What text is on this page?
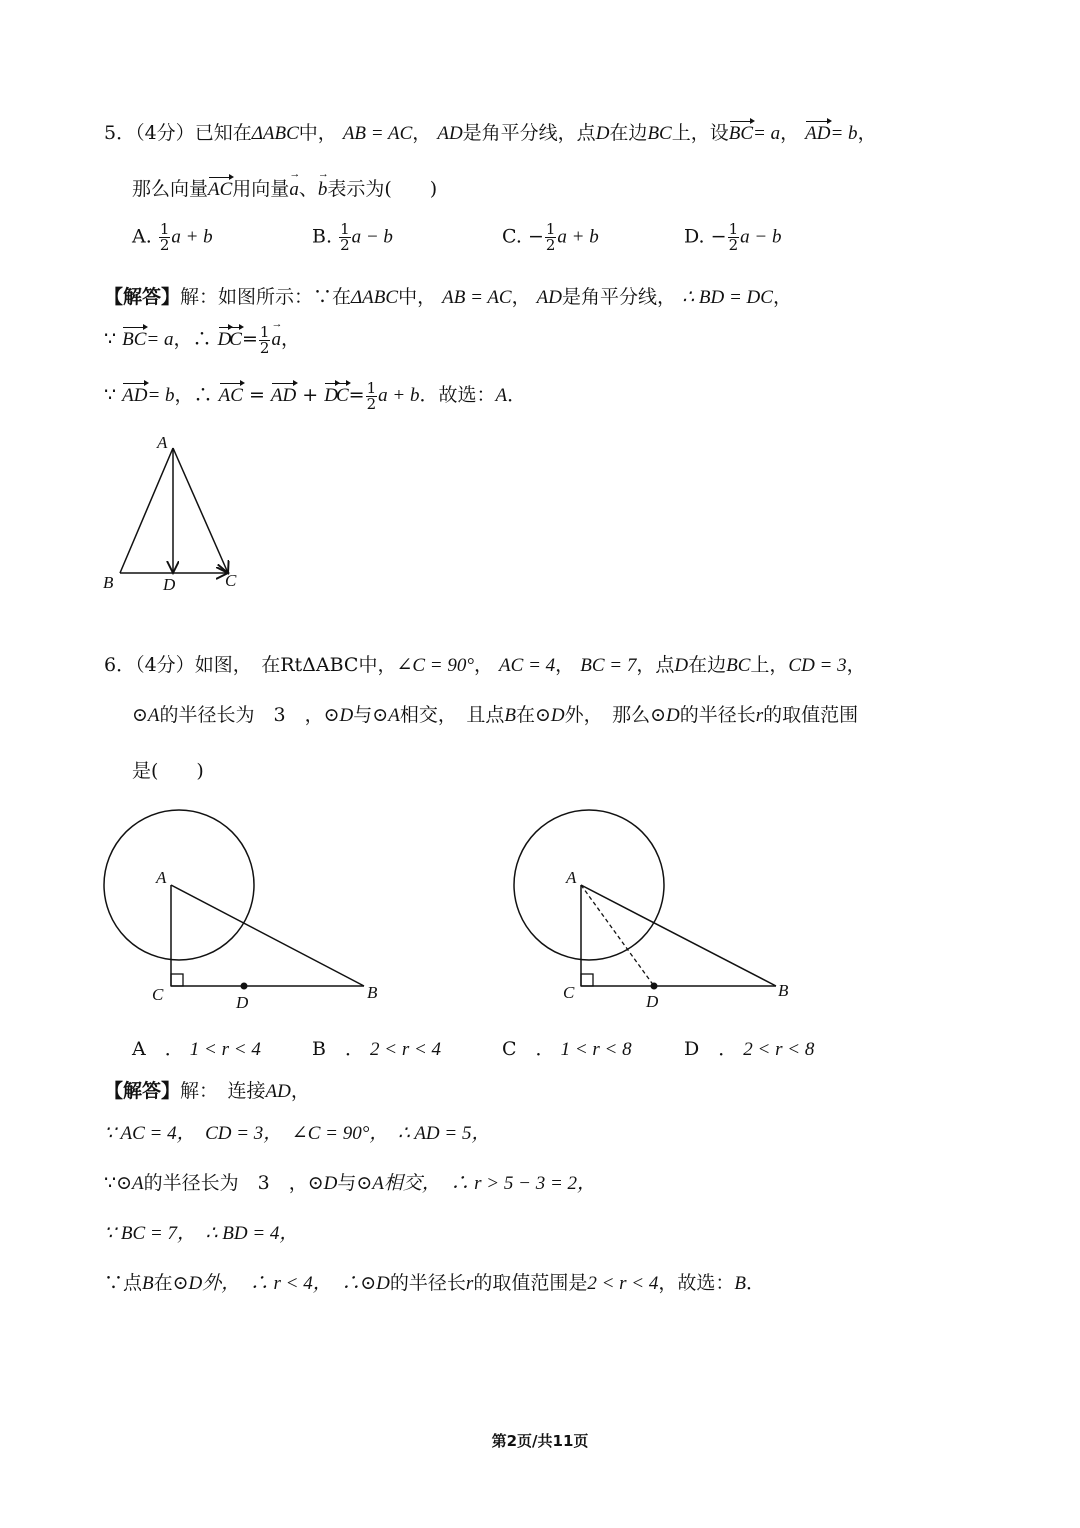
5．（4分）已知在ΔABC中， AB = AC， AD是角平分线，点D在边BC上，设BC= a， AD= b，
那么向量AC用向量a →、b →表示为(　　)
A. $\frac{1}{2}$ a + b	B. $\frac{1}{2}$ a − b	C. − $\frac{1}{2}$ a + b	D. − $\frac{1}{2}$ a − b
【解答】解：如图所示：∵在ΔABC中， AB = AC， AD是角平分线， ∴ BD = DC，
∵ BC= a，∴ $DC= \frac{1}{2}$ a →，
∵ AD= b，∴ AC = AD + $DC= \frac{1}{2}$ a + b．故选：A．
A
B	D	C
6．（4分）如图，　在RtΔABC中，∠C = 90°， AC = 4， BC = 7，点D在边BC上，CD = 3，
⊙A的半径长为　3　，⊙D与⊙A相交，　且点B在⊙D外，　那么⊙D的半径长r的取值范围
是(　　)
A
C	D
B
A
C	D
B
A　． 1 < r < 4	B　． 2 < r < 4	C　． 1 < r < 8	D　． 2 < r < 8
【解答】解：　连接AD，
∵ AC = 4，　CD = 3，　∠C = 90°，　∴ AD = 5，
∵⊙A的半径长为　3　，⊙D与⊙A相交，　∴ r > 5 − 3 = 2，
∵ BC = 7，　∴ BD = 4，
∵点B在⊙D外，　∴ r < 4，　∴⊙D的半径长r的取值范围是2 < r < 4，故选：B．
第2页/共11页
